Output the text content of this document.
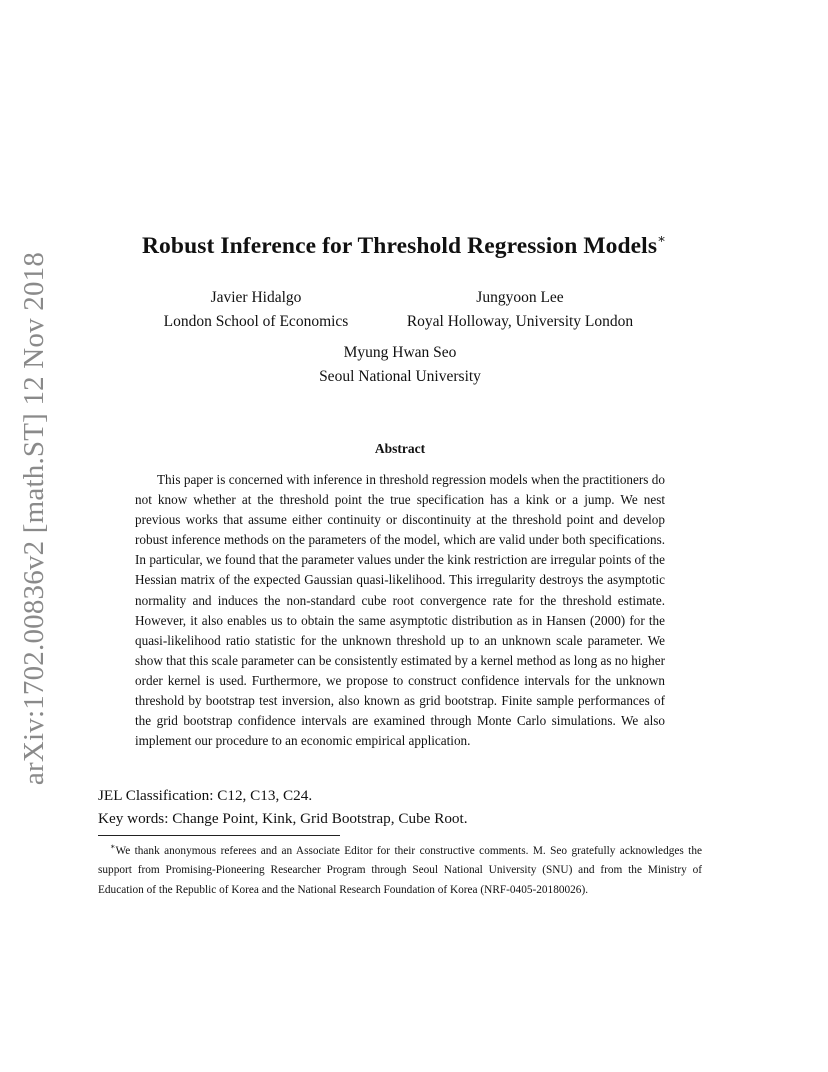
arXiv:1702.00836v2 [math.ST] 12 Nov 2018
Robust Inference for Threshold Regression Models∗
Javier Hidalgo
London School of Economics
Jungyoon Lee
Royal Holloway, University London
Myung Hwan Seo
Seoul National University
Abstract
This paper is concerned with inference in threshold regression models when the practitioners do not know whether at the threshold point the true specification has a kink or a jump. We nest previous works that assume either continuity or discontinuity at the threshold point and develop robust inference methods on the parameters of the model, which are valid under both specifications. In particular, we found that the parameter values under the kink restriction are irregular points of the Hessian matrix of the expected Gaussian quasi-likelihood. This irregularity destroys the asymptotic normality and induces the non-standard cube root convergence rate for the threshold estimate. However, it also enables us to obtain the same asymptotic distribution as in Hansen (2000) for the quasi-likelihood ratio statistic for the unknown threshold up to an unknown scale parameter. We show that this scale parameter can be consistently estimated by a kernel method as long as no higher order kernel is used. Furthermore, we propose to construct confidence intervals for the unknown threshold by bootstrap test inversion, also known as grid bootstrap. Finite sample performances of the grid bootstrap confidence intervals are examined through Monte Carlo simulations. We also implement our procedure to an economic empirical application.
JEL Classification: C12, C13, C24.
Key words: Change Point, Kink, Grid Bootstrap, Cube Root.
∗We thank anonymous referees and an Associate Editor for their constructive comments. M. Seo gratefully acknowledges the support from Promising-Pioneering Researcher Program through Seoul National University (SNU) and from the Ministry of Education of the Republic of Korea and the National Research Foundation of Korea (NRF-0405-20180026).
